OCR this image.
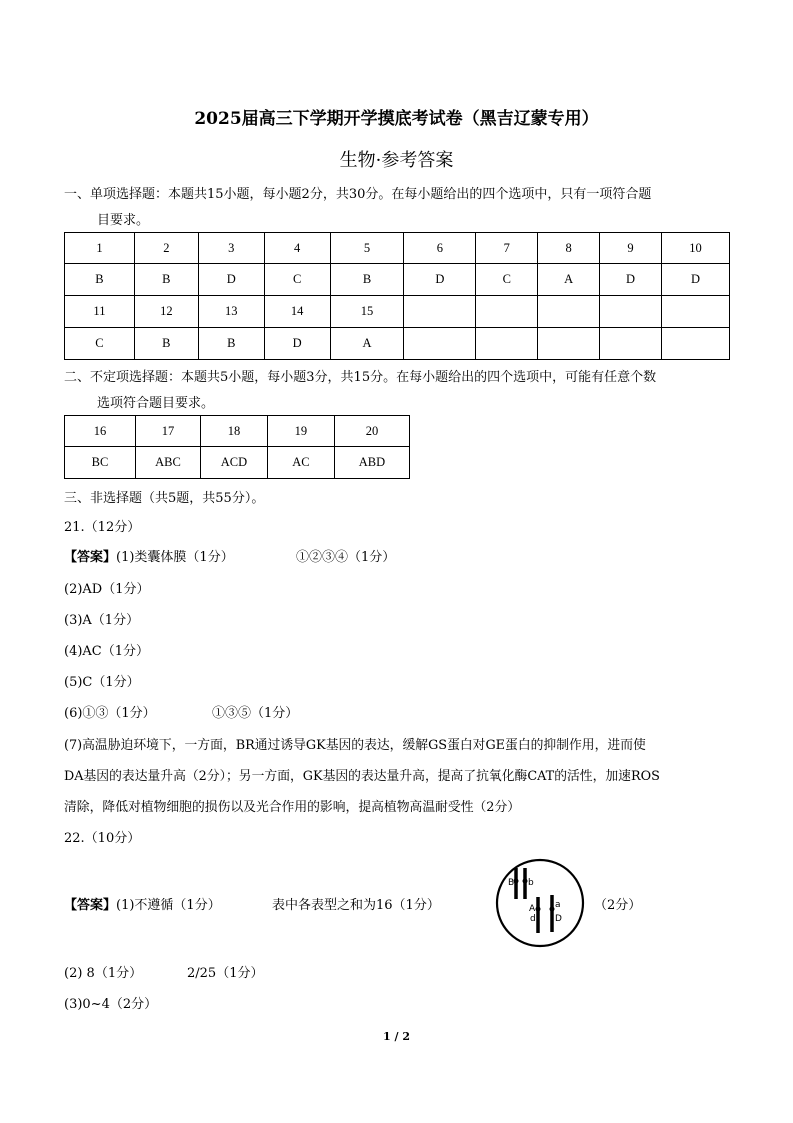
2025届高三下学期开学摸底考试卷（黑吉辽蒙专用）
生物·参考答案
一、单项选择题：本题共15小题，每小题2分，共30分。在每小题给出的四个选项中，只有一项符合题
目要求。
1	2	3	4	5	6	7	8	9	10
B	B	D	C	B	D	C	A	D	D
11	12	13	14	15					
C	B	B	D	A					
二、不定项选择题：本题共5小题，每小题3分，共15分。在每小题给出的四个选项中，可能有任意个数
选项符合题目要求。
16	17	18	19	20
BC	ABC	ACD	AC	ABD
三、非选择题（共5题，共55分）。
21.（12分）
【答案】(1)类囊体膜（1分）	①②③④（1分）
(2)AD（1分）
(3)A（1分）
(4)AC（1分）
(5)C（1分）
(6)①③（1分）	①③⑤（1分）
(7)高温胁迫环境下，一方面，BR通过诱导GK基因的表达，缓解GS蛋白对GE蛋白的抑制作用，进而使
DA基因的表达量升高（2分）；另一方面，GK基因的表达量升高，提高了抗氧化酶CAT的活性，加速ROS
清除，降低对植物细胞的损伤以及光合作用的影响，提高植物高温耐受性（2分）
22.（10分）
【答案】(1)不遵循（1分）	表中各表型之和为16（1分）
B b
A a
d D
（2分）
(2) 8（1分）	2/25（1分）
(3)0~4（2分）
1 / 2
